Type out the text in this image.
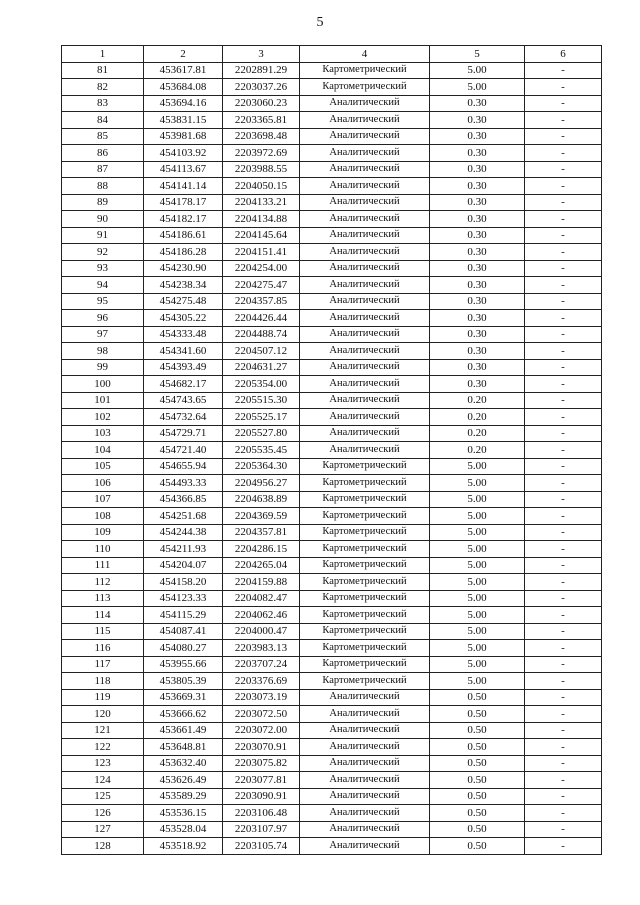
5
1	2	3	4	5	6
81	453617.81	2202891.29	Картометрический	5.00	-
82	453684.08	2203037.26	Картометрический	5.00	-
83	453694.16	2203060.23	Аналитический	0.30	-
84	453831.15	2203365.81	Аналитический	0.30	-
85	453981.68	2203698.48	Аналитический	0.30	-
86	454103.92	2203972.69	Аналитический	0.30	-
87	454113.67	2203988.55	Аналитический	0.30	-
88	454141.14	2204050.15	Аналитический	0.30	-
89	454178.17	2204133.21	Аналитический	0.30	-
90	454182.17	2204134.88	Аналитический	0.30	-
91	454186.61	2204145.64	Аналитический	0.30	-
92	454186.28	2204151.41	Аналитический	0.30	-
93	454230.90	2204254.00	Аналитический	0.30	-
94	454238.34	2204275.47	Аналитический	0.30	-
95	454275.48	2204357.85	Аналитический	0.30	-
96	454305.22	2204426.44	Аналитический	0.30	-
97	454333.48	2204488.74	Аналитический	0.30	-
98	454341.60	2204507.12	Аналитический	0.30	-
99	454393.49	2204631.27	Аналитический	0.30	-
100	454682.17	2205354.00	Аналитический	0.30	-
101	454743.65	2205515.30	Аналитический	0.20	-
102	454732.64	2205525.17	Аналитический	0.20	-
103	454729.71	2205527.80	Аналитический	0.20	-
104	454721.40	2205535.45	Аналитический	0.20	-
105	454655.94	2205364.30	Картометрический	5.00	-
106	454493.33	2204956.27	Картометрический	5.00	-
107	454366.85	2204638.89	Картометрический	5.00	-
108	454251.68	2204369.59	Картометрический	5.00	-
109	454244.38	2204357.81	Картометрический	5.00	-
110	454211.93	2204286.15	Картометрический	5.00	-
111	454204.07	2204265.04	Картометрический	5.00	-
112	454158.20	2204159.88	Картометрический	5.00	-
113	454123.33	2204082.47	Картометрический	5.00	-
114	454115.29	2204062.46	Картометрический	5.00	-
115	454087.41	2204000.47	Картометрический	5.00	-
116	454080.27	2203983.13	Картометрический	5.00	-
117	453955.66	2203707.24	Картометрический	5.00	-
118	453805.39	2203376.69	Картометрический	5.00	-
119	453669.31	2203073.19	Аналитический	0.50	-
120	453666.62	2203072.50	Аналитический	0.50	-
121	453661.49	2203072.00	Аналитический	0.50	-
122	453648.81	2203070.91	Аналитический	0.50	-
123	453632.40	2203075.82	Аналитический	0.50	-
124	453626.49	2203077.81	Аналитический	0.50	-
125	453589.29	2203090.91	Аналитический	0.50	-
126	453536.15	2203106.48	Аналитический	0.50	-
127	453528.04	2203107.97	Аналитический	0.50	-
128	453518.92	2203105.74	Аналитический	0.50	-
